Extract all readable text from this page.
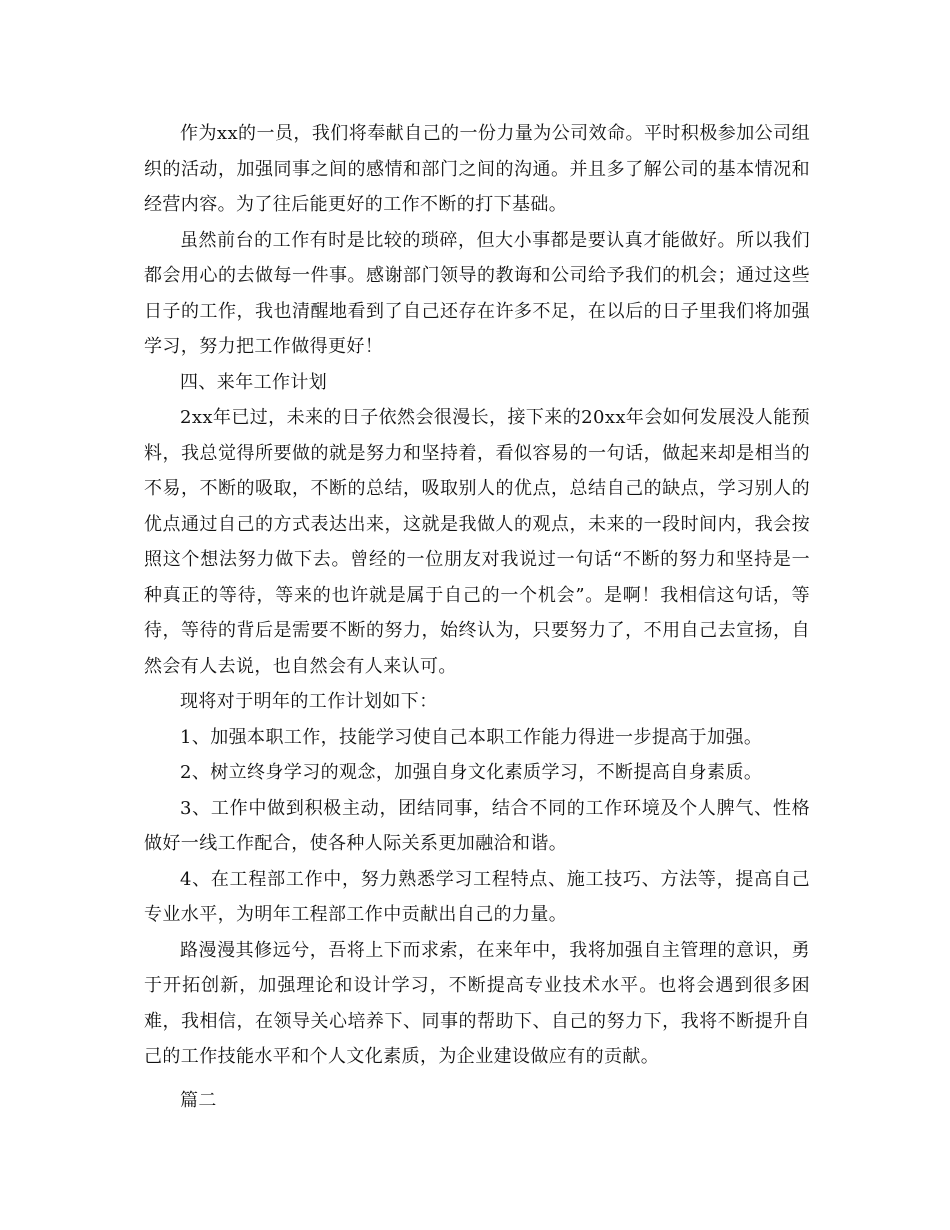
作为xx的一员，我们将奉献自己的一份力量为公司效命。平时积极参加公司组织的活动，加强同事之间的感情和部门之间的沟通。并且多了解公司的基本情况和经营内容。为了往后能更好的工作不断的打下基础。

虽然前台的工作有时是比较的琐碎，但大小事都是要认真才能做好。所以我们都会用心的去做每一件事。感谢部门领导的教诲和公司给予我们的机会；通过这些日子的工作，我也清醒地看到了自己还存在许多不足，在以后的日子里我们将加强学习，努力把工作做得更好！

四、来年工作计划

2xx年已过，未来的日子依然会很漫长，接下来的20xx年会如何发展没人能预料，我总觉得所要做的就是努力和坚持着，看似容易的一句话，做起来却是相当的不易，不断的吸取，不断的总结，吸取别人的优点，总结自己的缺点，学习别人的优点通过自己的方式表达出来，这就是我做人的观点，未来的一段时间内，我会按照这个想法努力做下去。曾经的一位朋友对我说过一句话“不断的努力和坚持是一种真正的等待，等来的也许就是属于自己的一个机会”。是啊！我相信这句话，等待，等待的背后是需要不断的努力，始终认为，只要努力了，不用自己去宣扬，自然会有人去说，也自然会有人来认可。

现将对于明年的工作计划如下：

1、加强本职工作，技能学习使自己本职工作能力得进一步提高于加强。

2、树立终身学习的观念，加强自身文化素质学习，不断提高自身素质。

3、工作中做到积极主动，团结同事，结合不同的工作环境及个人脾气、性格做好一线工作配合，使各种人际关系更加融洽和谐。

4、在工程部工作中，努力熟悉学习工程特点、施工技巧、方法等，提高自己专业水平，为明年工程部工作中贡献出自己的力量。

路漫漫其修远兮，吾将上下而求索，在来年中，我将加强自主管理的意识，勇于开拓创新，加强理论和设计学习，不断提高专业技术水平。也将会遇到很多困难，我相信，在领导关心培养下、同事的帮助下、自己的努力下，我将不断提升自己的工作技能水平和个人文化素质，为企业建设做应有的贡献。

篇二
